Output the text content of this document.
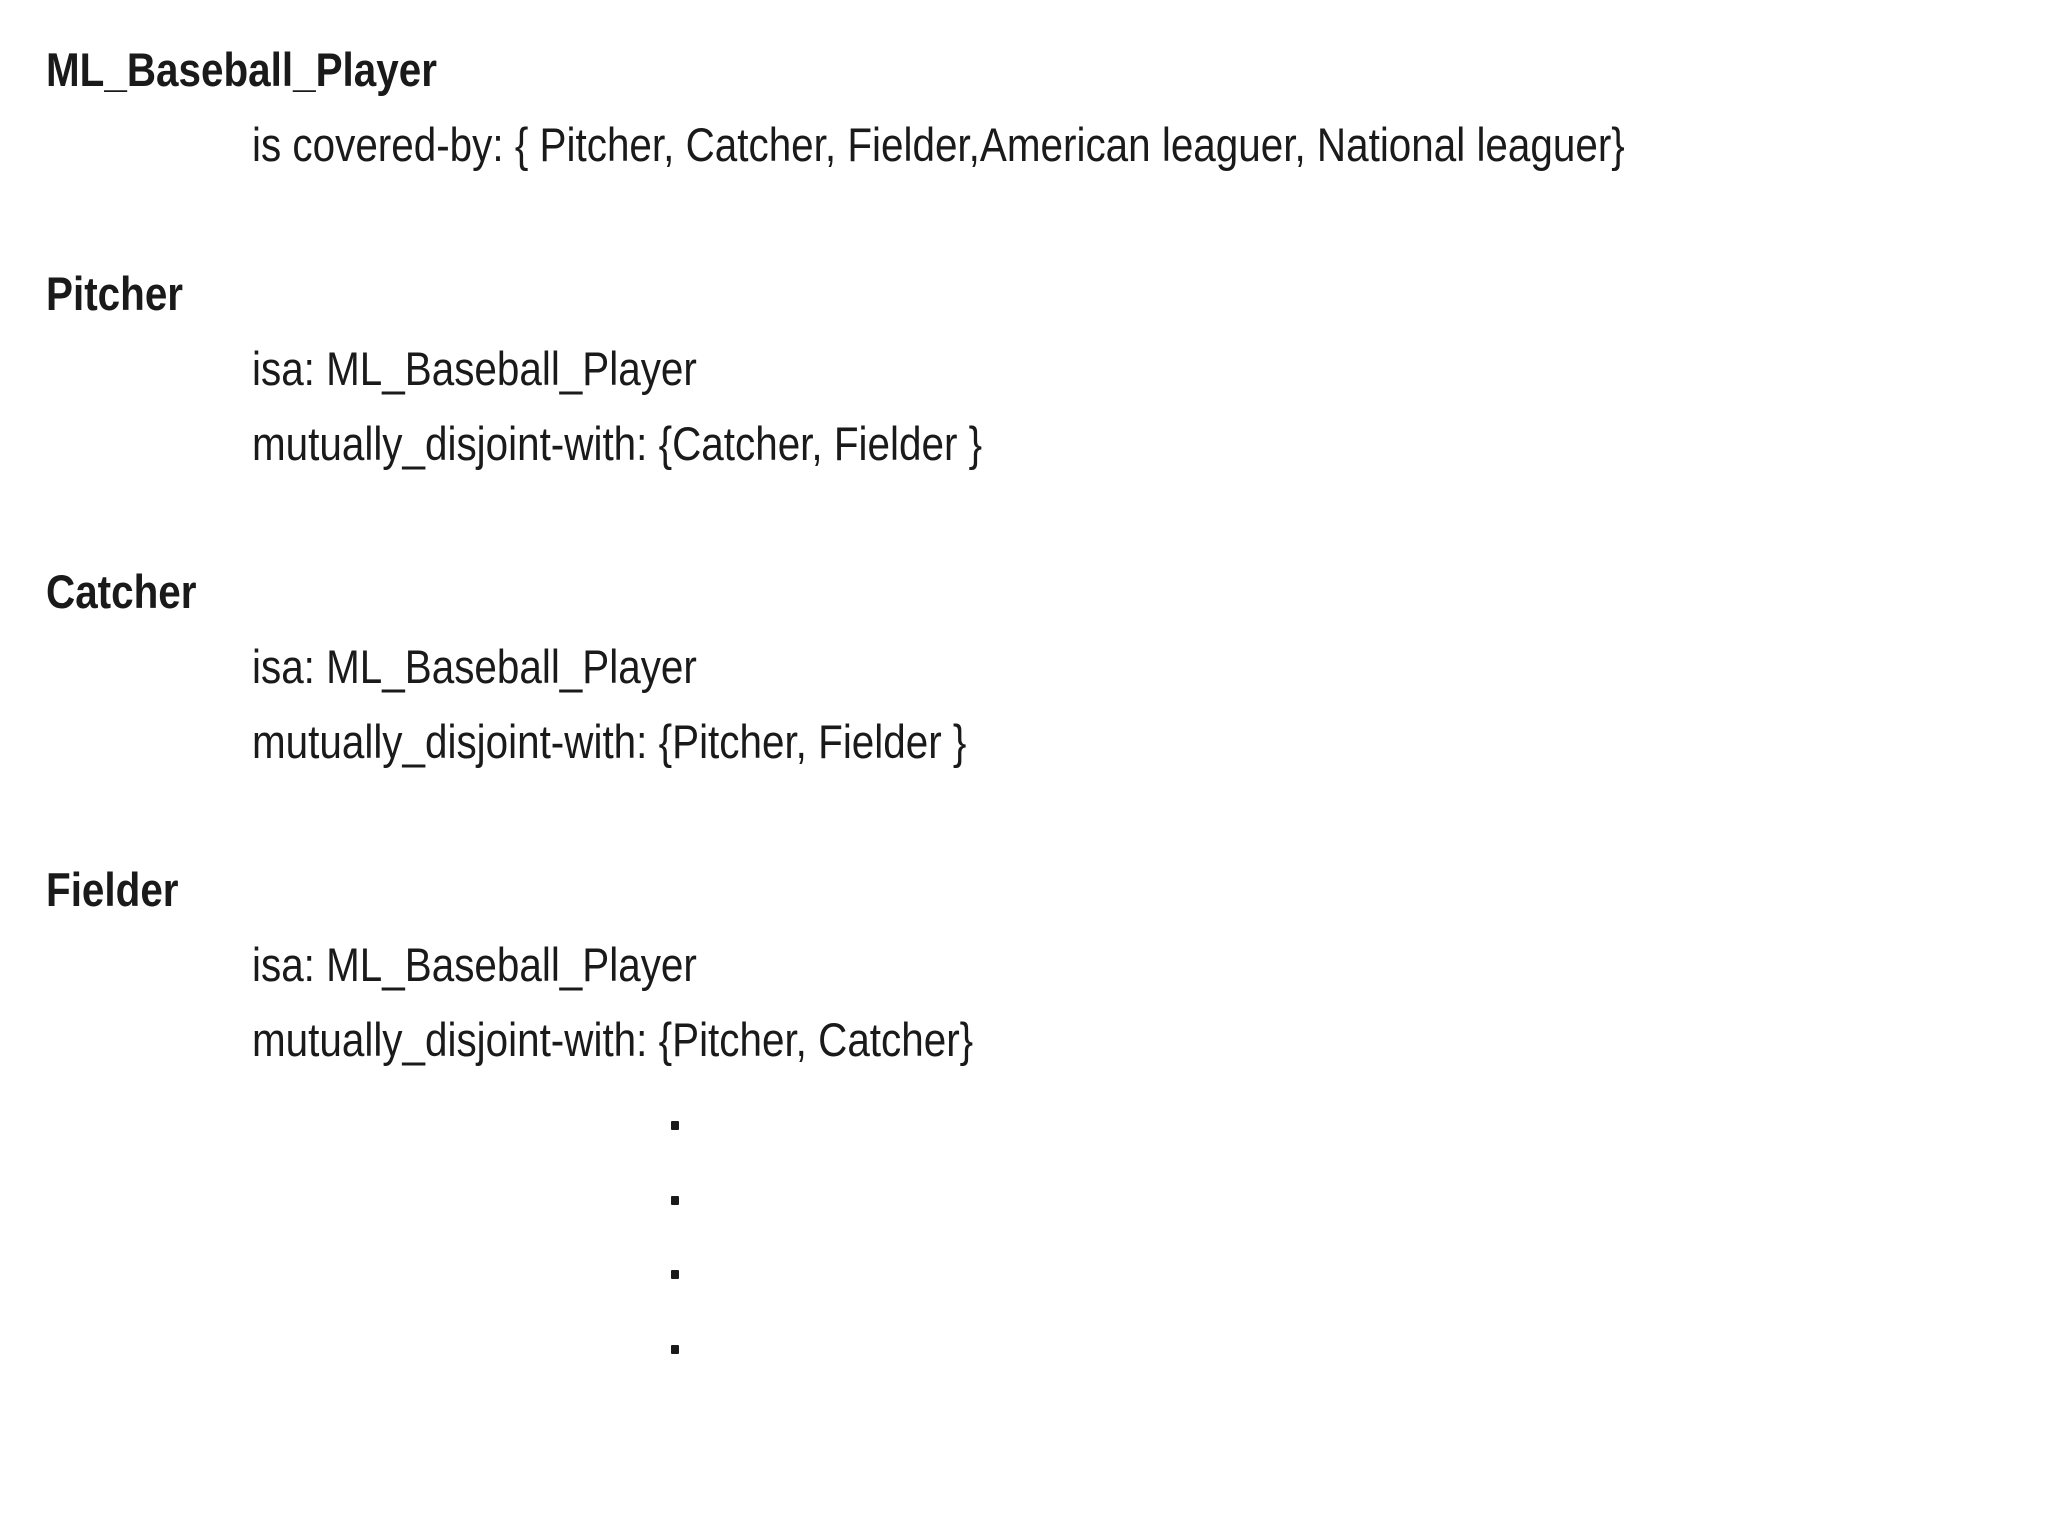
ML_Baseball_Player
is covered-by: { Pitcher, Catcher, Fielder,American leaguer, National leaguer}
Pitcher
isa: ML_Baseball_Player
mutually_disjoint-with: {Catcher, Fielder }
Catcher
isa: ML_Baseball_Player
mutually_disjoint-with: {Pitcher, Fielder }
Fielder
isa: ML_Baseball_Player
mutually_disjoint-with: {Pitcher, Catcher}
